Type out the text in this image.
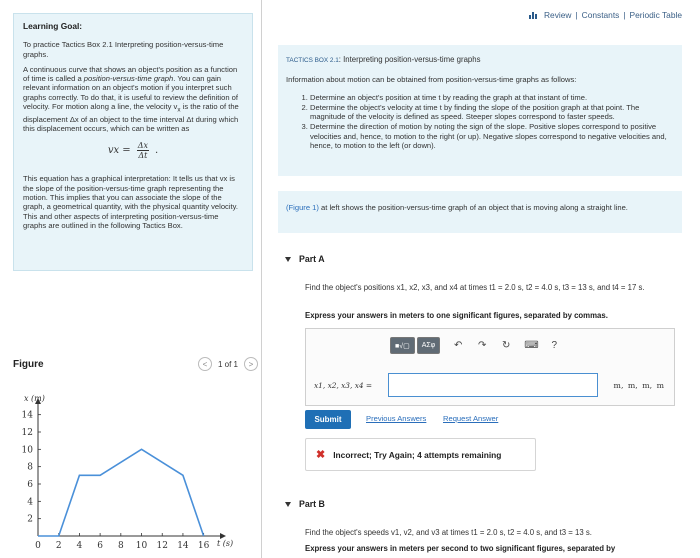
Learning Goal:

To practice Tactics Box 2.1 Interpreting position-versus-time graphs.

A continuous curve that shows an object's position as a function of time is called a position-versus-time graph. You can gain relevant information on an object's motion if you interpret such graphs correctly. To do that, it is useful to review the definition of velocity. For motion along a line, the velocity $v_x$ is the ratio of the displacement Δx of an object to the time interval Δt during which this displacement occurs, which can be written as

vx = $\frac{\Delta x}{\Delta t}$ .

This equation has a graphical interpretation: It tells us that vx is the slope of the position-versus-time graph representing the motion. This implies that you can associate the slope of the graph, a geometrical quantity, with the physical quantity velocity. This and other aspects of interpreting position-versus-time graphs are outlined in the following Tactics Box.

Figure	<	1 of 1	>
0 2 4 6 8 10 12 14 16
2
4
6
8
10
12
14
x (m)
t (s)
Review | Constants | Periodic Table
TACTICS BOX 2.1: Interpreting position-versus-time graphs
Information about motion can be obtained from position-versus-time graphs as follows:
1. Determine an object's position at time t by reading the graph at that instant of time.
2. Determine the object's velocity at time t by finding the slope of the position graph at that point. The magnitude of the velocity is defined as speed. Steeper slopes correspond to faster speeds.
3. Determine the direction of motion by noting the sign of the slope. Positive slopes correspond to positive velocities and, hence, to motion to the right (or up). Negative slopes correspond to negative velocities and, hence, to motion to the left (or down).
(Figure 1) at left shows the position-versus-time graph of an object that is moving along a straight line.
Part A
Find the object's positions x1, x2, x3, and x4 at times t1 = 2.0 s, t2 = 4.0 s, t3 = 13 s, and t4 = 17 s.
Express your answers in meters to one significant figures, separated by commas.
■√▢	ΑΣφ	↶ ↷ ↻ ⌨	?
x1, x2, x3, x4 =	m, m, m, m
Submit	Previous Answers Request Answer
✖ Incorrect; Try Again; 4 attempts remaining
Part B
Find the object's speeds v1, v2, and v3 at times t1 = 2.0 s, t2 = 4.0 s, and t3 = 13 s.
Express your answers in meters per second to two significant figures, separated by
